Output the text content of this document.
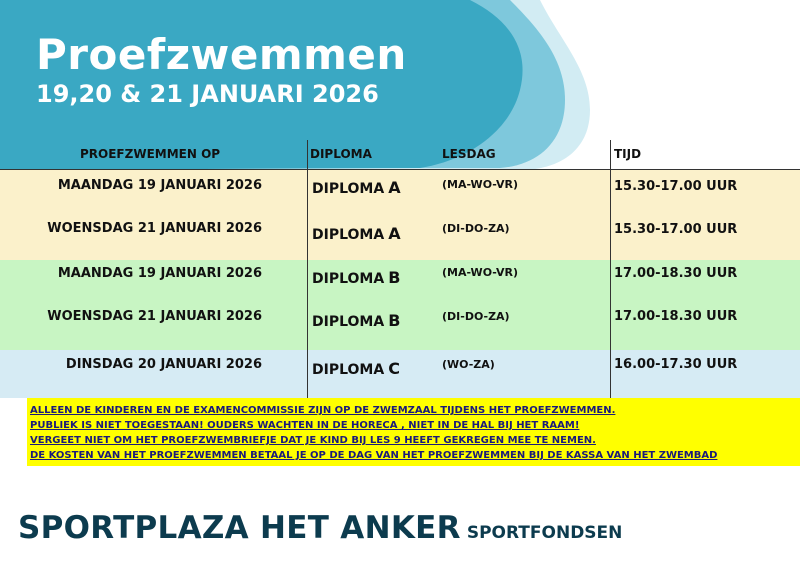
Proefzwemmen
19,20 & 21 JANUARI 2026
PROEFZWEMMEN OP	DIPLOMA	LESDAG	TIJD
MAANDAG 19 JANUARI 2026	DIPLOMA A	(MA-WO-VR)	15.30-17.00 UUR
WOENSDAG 21 JANUARI 2026	DIPLOMA A	(DI-DO-ZA)	15.30-17.00 UUR
MAANDAG 19 JANUARI 2026	DIPLOMA B	(MA-WO-VR)	17.00-18.30 UUR
WOENSDAG 21 JANUARI 2026	DIPLOMA B	(DI-DO-ZA)	17.00-18.30 UUR
DINSDAG 20 JANUARI 2026	DIPLOMA C	(WO-ZA)	16.00-17.30 UUR
ALLEEN DE KINDEREN EN DE EXAMENCOMMISSIE ZIJN OP DE ZWEMZAAL TIJDENS HET PROEFZWEMMEN.
PUBLIEK IS NIET TOEGESTAAN! OUDERS WACHTEN IN DE HORECA , NIET IN DE HAL BIJ HET RAAM!
VERGEET NIET OM HET PROEFZWEMBRIEFJE DAT JE KIND BIJ LES 9 HEEFT GEKREGEN MEE TE NEMEN.
DE KOSTEN VAN HET PROEFZWEMMEN BETAAL JE OP DE DAG VAN HET PROEFZWEMMEN BIJ DE KASSA VAN HET ZWEMBAD
SPORTPLAZA HET ANKER SPORTFONDSEN
